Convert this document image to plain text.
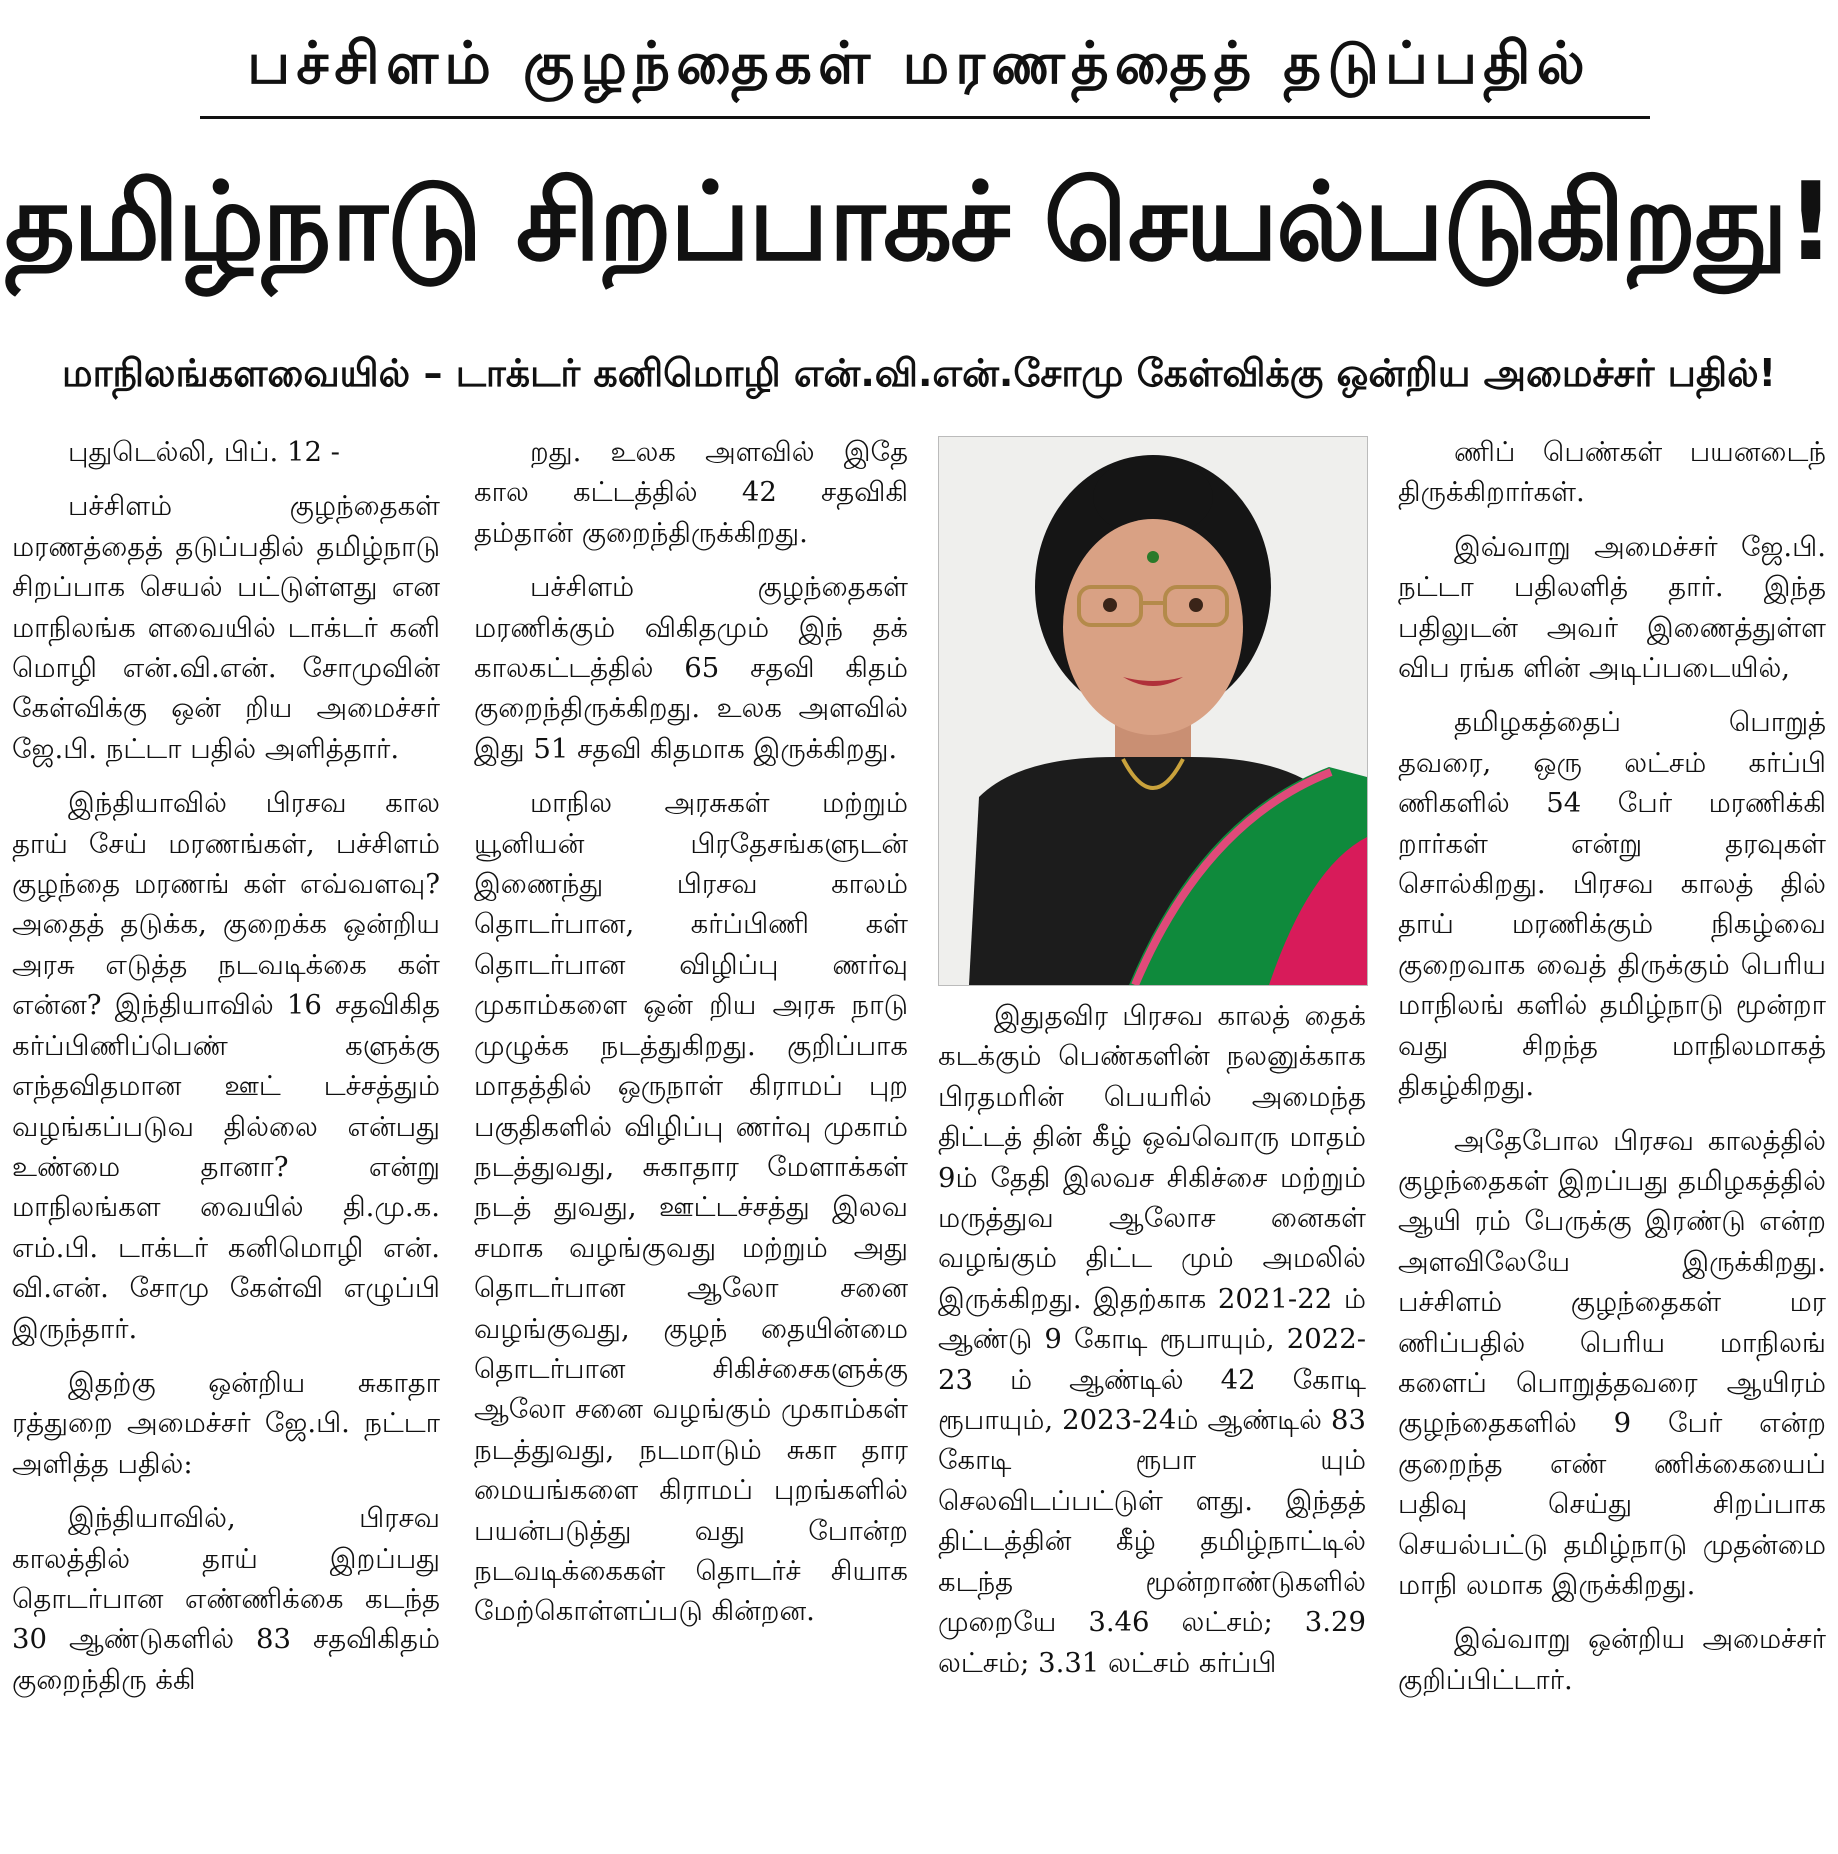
பச்சிளம் குழந்தைகள் மரணத்தைத் தடுப்பதில்
தமிழ்நாடு சிறப்பாகச் செயல்படுகிறது!
மாநிலங்களவையில் – டாக்டர் கனிமொழி என்.வி.என்.சோமு கேள்விக்கு ஒன்றிய அமைச்சர் பதில்!

புதுடெல்லி, பிப். 12 -

பச்சிளம் குழந்தைகள் மரணத்தைத் தடுப்பதில் தமிழ்நாடு சிறப்பாக செயல் பட்டுள்ளது என மாநிலங்க ளவையில் டாக்டர் கனி மொழி என்.வி.என். சோமுவின் கேள்விக்கு ஒன் றிய அமைச்சர் ஜே.பி. நட்டா பதில் அளித்தார்.

இந்தியாவில் பிரசவ கால தாய் சேய் மரணங்கள், பச்சிளம் குழந்தை மரணங் கள் எவ்வளவு? அதைத் தடுக்க, குறைக்க ஒன்றிய அரசு எடுத்த நடவடிக்கை கள் என்ன? இந்தியாவில் 16 சதவிகித கர்ப்பிணிப்பெண் களுக்கு எந்தவிதமான ஊட் டச்சத்தும் வழங்கப்படுவ தில்லை என்பது உண்மை தானா? என்று மாநிலங்கள வையில் தி.மு.க. எம்.பி. டாக்டர் கனிமொழி என். வி.என். சோமு கேள்வி எழுப்பி இருந்தார்.

இதற்கு ஒன்றிய சுகாதா ரத்துறை அமைச்சர் ஜே.பி. நட்டா அளித்த பதில்:

இந்தியாவில், பிரசவ காலத்தில் தாய் இறப்பது தொடர்பான எண்ணிக்கை கடந்த 30 ஆண்டுகளில் 83 சதவிகிதம் குறைந்திரு க்கி

றது. உலக அளவில் இதே கால கட்டத்தில் 42 சதவிகி தம்தான் குறைந்திருக்கிறது.

பச்சிளம் குழந்தைகள் மரணிக்கும் விகிதமும் இந் தக் காலகட்டத்தில் 65 சதவி கிதம் குறைந்திருக்கிறது. உலக அளவில் இது 51 சதவி கிதமாக இருக்கிறது.

மாநில அரசுகள் மற்றும் யூனியன் பிரதேசங்களுடன் இணைந்து பிரசவ காலம் தொடர்பான, கர்ப்பிணி கள் தொடர்பான விழிப்பு ணர்வு முகாம்களை ஒன் றிய அரசு நாடு முழுக்க நடத்துகிறது. குறிப்பாக மாதத்தில் ஒருநாள் கிராமப் புற பகுதிகளில் விழிப்பு ணர்வு முகாம் நடத்துவது, சுகாதார மேளாக்கள் நடத் துவது, ஊட்டச்சத்து இலவ சமாக வழங்குவது மற்றும் அது தொடர்பான ஆலோ சனை வழங்குவது, குழந் தையின்மை தொடர்பான சிகிச்சைகளுக்கு ஆலோ சனை வழங்கும் முகாம்கள் நடத்துவது, நடமாடும் சுகா தார மையங்களை கிராமப் புறங்களில் பயன்படுத்து வது போன்ற நடவடிக்கைகள் தொடர்ச் சியாக மேற்கொள்ளப்படு கின்றன.

இதுதவிர பிரசவ காலத் தைக் கடக்கும் பெண்களின் நலனுக்காக பிரதமரின் பெயரில் அமைந்த திட்டத் தின் கீழ் ஒவ்வொரு மாதம் 9ம் தேதி இலவச சிகிச்சை மற்றும் மருத்துவ ஆலோச னைகள் வழங்கும் திட்ட மும் அமலில் இருக்கிறது. இதற்காக 2021-22 ம் ஆண்டு 9 கோடி ரூபாயும், 2022-23 ம் ஆண்டில் 42 கோடி ரூபாயும், 2023-24ம் ஆண்டில் 83 கோடி ரூபா யும் செலவிடப்பட்டுள் ளது. இந்தத் திட்டத்தின் கீழ் தமிழ்நாட்டில் கடந்த மூன்றாண்டுகளில் முறையே 3.46 லட்சம்; 3.29 லட்சம்; 3.31 லட்சம் கர்ப்பி

ணிப் பெண்கள் பயனடைந் திருக்கிறார்கள்.

இவ்வாறு அமைச்சர் ஜே.பி. நட்டா பதிலளித் தார். இந்த பதிலுடன் அவர் இணைத்துள்ள விப ரங்க ளின் அடிப்படையில்,

தமிழகத்தைப் பொறுத் தவரை, ஒரு லட்சம் கர்ப்பி ணிகளில் 54 பேர் மரணிக்கி றார்கள் என்று தரவுகள் சொல்கிறது. பிரசவ காலத் தில் தாய் மரணிக்கும் நிகழ்வை குறைவாக வைத் திருக்கும் பெரிய மாநிலங் களில் தமிழ்நாடு மூன்றா வது சிறந்த மாநிலமாகத் திகழ்கிறது.

அதேபோல பிரசவ காலத்தில் குழந்தைகள் இறப்பது தமிழகத்தில் ஆயி ரம் பேருக்கு இரண்டு என்ற அளவிலேயே இருக்கிறது. பச்சிளம் குழந்தைகள் மர ணிப்பதில் பெரிய மாநிலங் களைப் பொறுத்தவரை ஆயிரம் குழந்தைகளில் 9 பேர் என்ற குறைந்த எண் ணிக்கையைப் பதிவு செய்து சிறப்பாக செயல்பட்டு தமிழ்நாடு முதன்மை மாநி லமாக இருக்கிறது.

இவ்வாறு ஒன்றிய அமைச்சர் குறிப்பிட்டார்.
